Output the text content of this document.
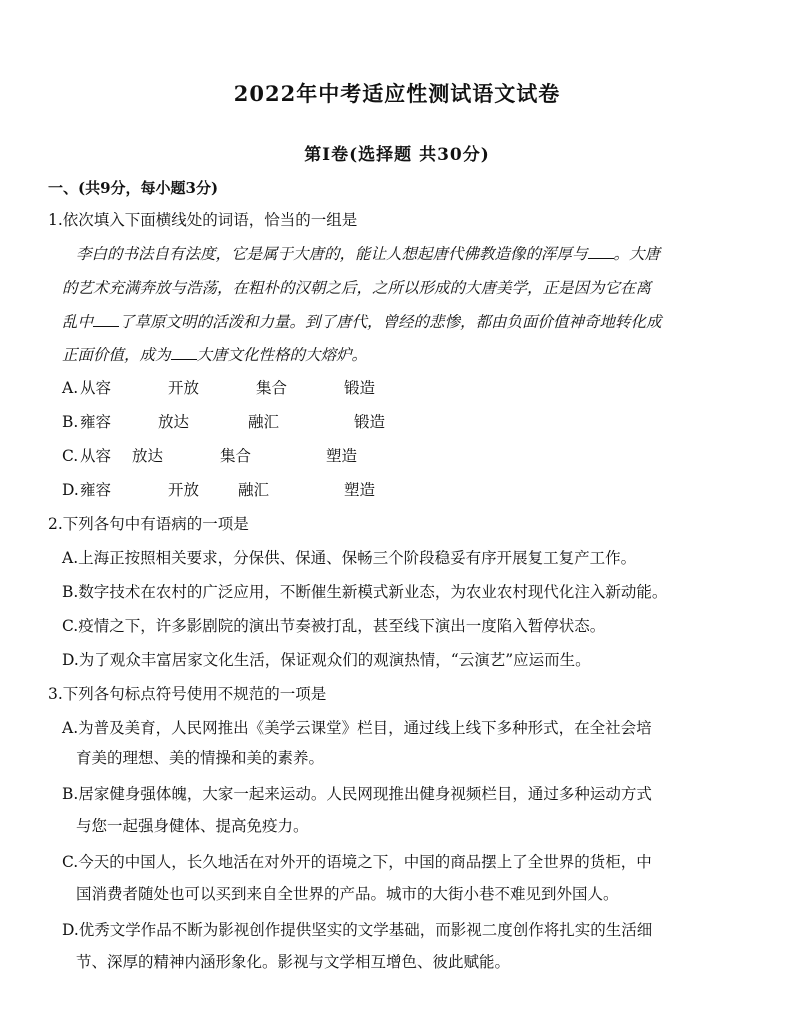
2022年中考适应性测试语文试卷
第Ⅰ卷(选择题 共30分)
一、(共9分，每小题3分)
1.依次填入下面横线处的词语，恰当的一组是
李白的书法自有法度，它是属于大唐的，能让人想起唐代佛教造像的浑厚与 。大唐
的艺术充满奔放与浩荡，在粗朴的汉朝之后，之所以形成的大唐美学，正是因为它在离
乱中 了草原文明的活泼和力量。到了唐代，曾经的悲惨，都由负面价值神奇地转化成
正面价值，成为 大唐文化性格的大熔炉。
A. 从容	开放	集合	锻造
B. 雍容	放达	融汇	锻造
C. 从容 放达	集合	塑造
D. 雍容	开放	融汇	塑造
2.下列各句中有语病的一项是
A.上海正按照相关要求，分保供、保通、保畅三个阶段稳妥有序开展复工复产工作。
B.数字技术在农村的广泛应用，不断催生新模式新业态，为农业农村现代化注入新动能。
C.疫情之下，许多影剧院的演出节奏被打乱，甚至线下演出一度陷入暂停状态。
D.为了观众丰富居家文化生活，保证观众们的观演热情，“云演艺”应运而生。
3.下列各句标点符号使用不规范的一项是
A.为普及美育，人民网推出《美学云课堂》栏目，通过线上线下多种形式，在全社会培
育美的理想、美的情操和美的素养。
B.居家健身强体魄，大家一起来运动。人民网现推出健身视频栏目，通过多种运动方式
与您一起强身健体、提高免疫力。
C.今天的中国人，长久地活在对外开的语境之下，中国的商品摆上了全世界的货柜，中
国消费者随处也可以买到来自全世界的产品。城市的大街小巷不难见到外国人。
D.优秀文学作品不断为影视创作提供坚实的文学基础，而影视二度创作将扎实的生活细
节、深厚的精神内涵形象化。影视与文学相互增色、彼此赋能。
